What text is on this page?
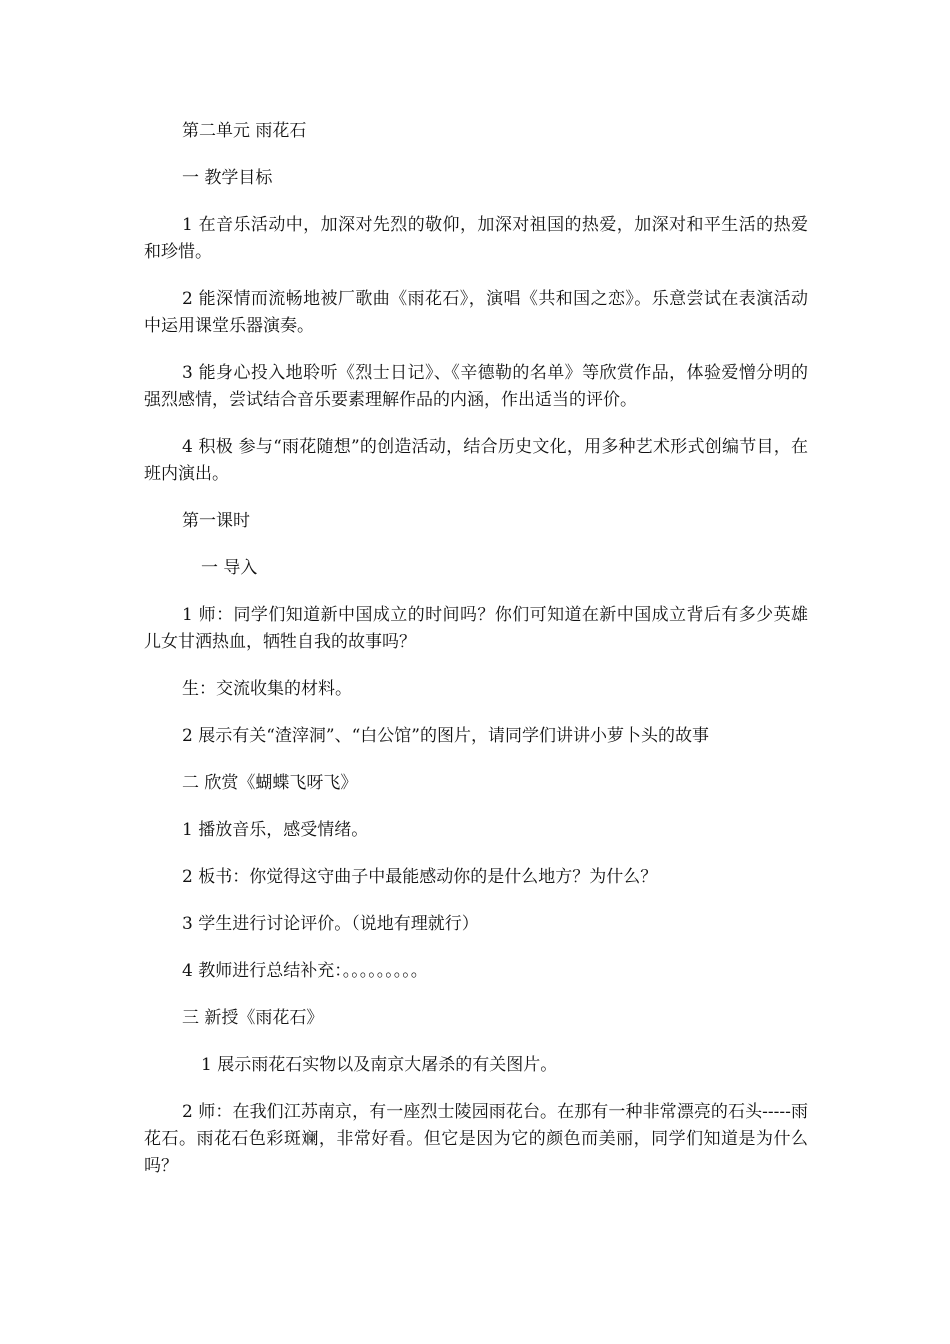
第二单元 雨花石

一 教学目标

1 在音乐活动中，加深对先烈的敬仰，加深对祖国的热爱，加深对和平生活的热爱和珍惜。

2 能深情而流畅地被厂歌曲《雨花石》，演唱《共和国之恋》。乐意尝试在表演活动中运用课堂乐器演奏。

3 能身心投入地聆听《烈士日记》、《辛德勒的名单》等欣赏作品，体验爱憎分明的强烈感情，尝试结合音乐要素理解作品的内涵，作出适当的评价。

4 积极 参与“雨花随想”的创造活动，结合历史文化，用多种艺术形式创编节目，在班内演出。

第一课时

一 导入

1 师：同学们知道新中国成立的时间吗？你们可知道在新中国成立背后有多少英雄儿女甘洒热血，牺牲自我的故事吗？

生：交流收集的材料。

2 展示有关“渣滓洞”、“白公馆”的图片，请同学们讲讲小萝卜头的故事

二 欣赏《蝴蝶飞呀飞》

1 播放音乐，感受情绪。

2 板书：你觉得这守曲子中最能感动你的是什么地方？为什么？

3 学生进行讨论评价。（说地有理就行）

4 教师进行总结补充：。。。。。。。。。

三 新授《雨花石》

1 展示雨花石实物以及南京大屠杀的有关图片。

2 师：在我们江苏南京，有一座烈士陵园雨花台。在那有一种非常漂亮的石头-----雨花石。雨花石色彩斑斓，非常好看。但它是因为它的颜色而美丽，同学们知道是为什么吗？
